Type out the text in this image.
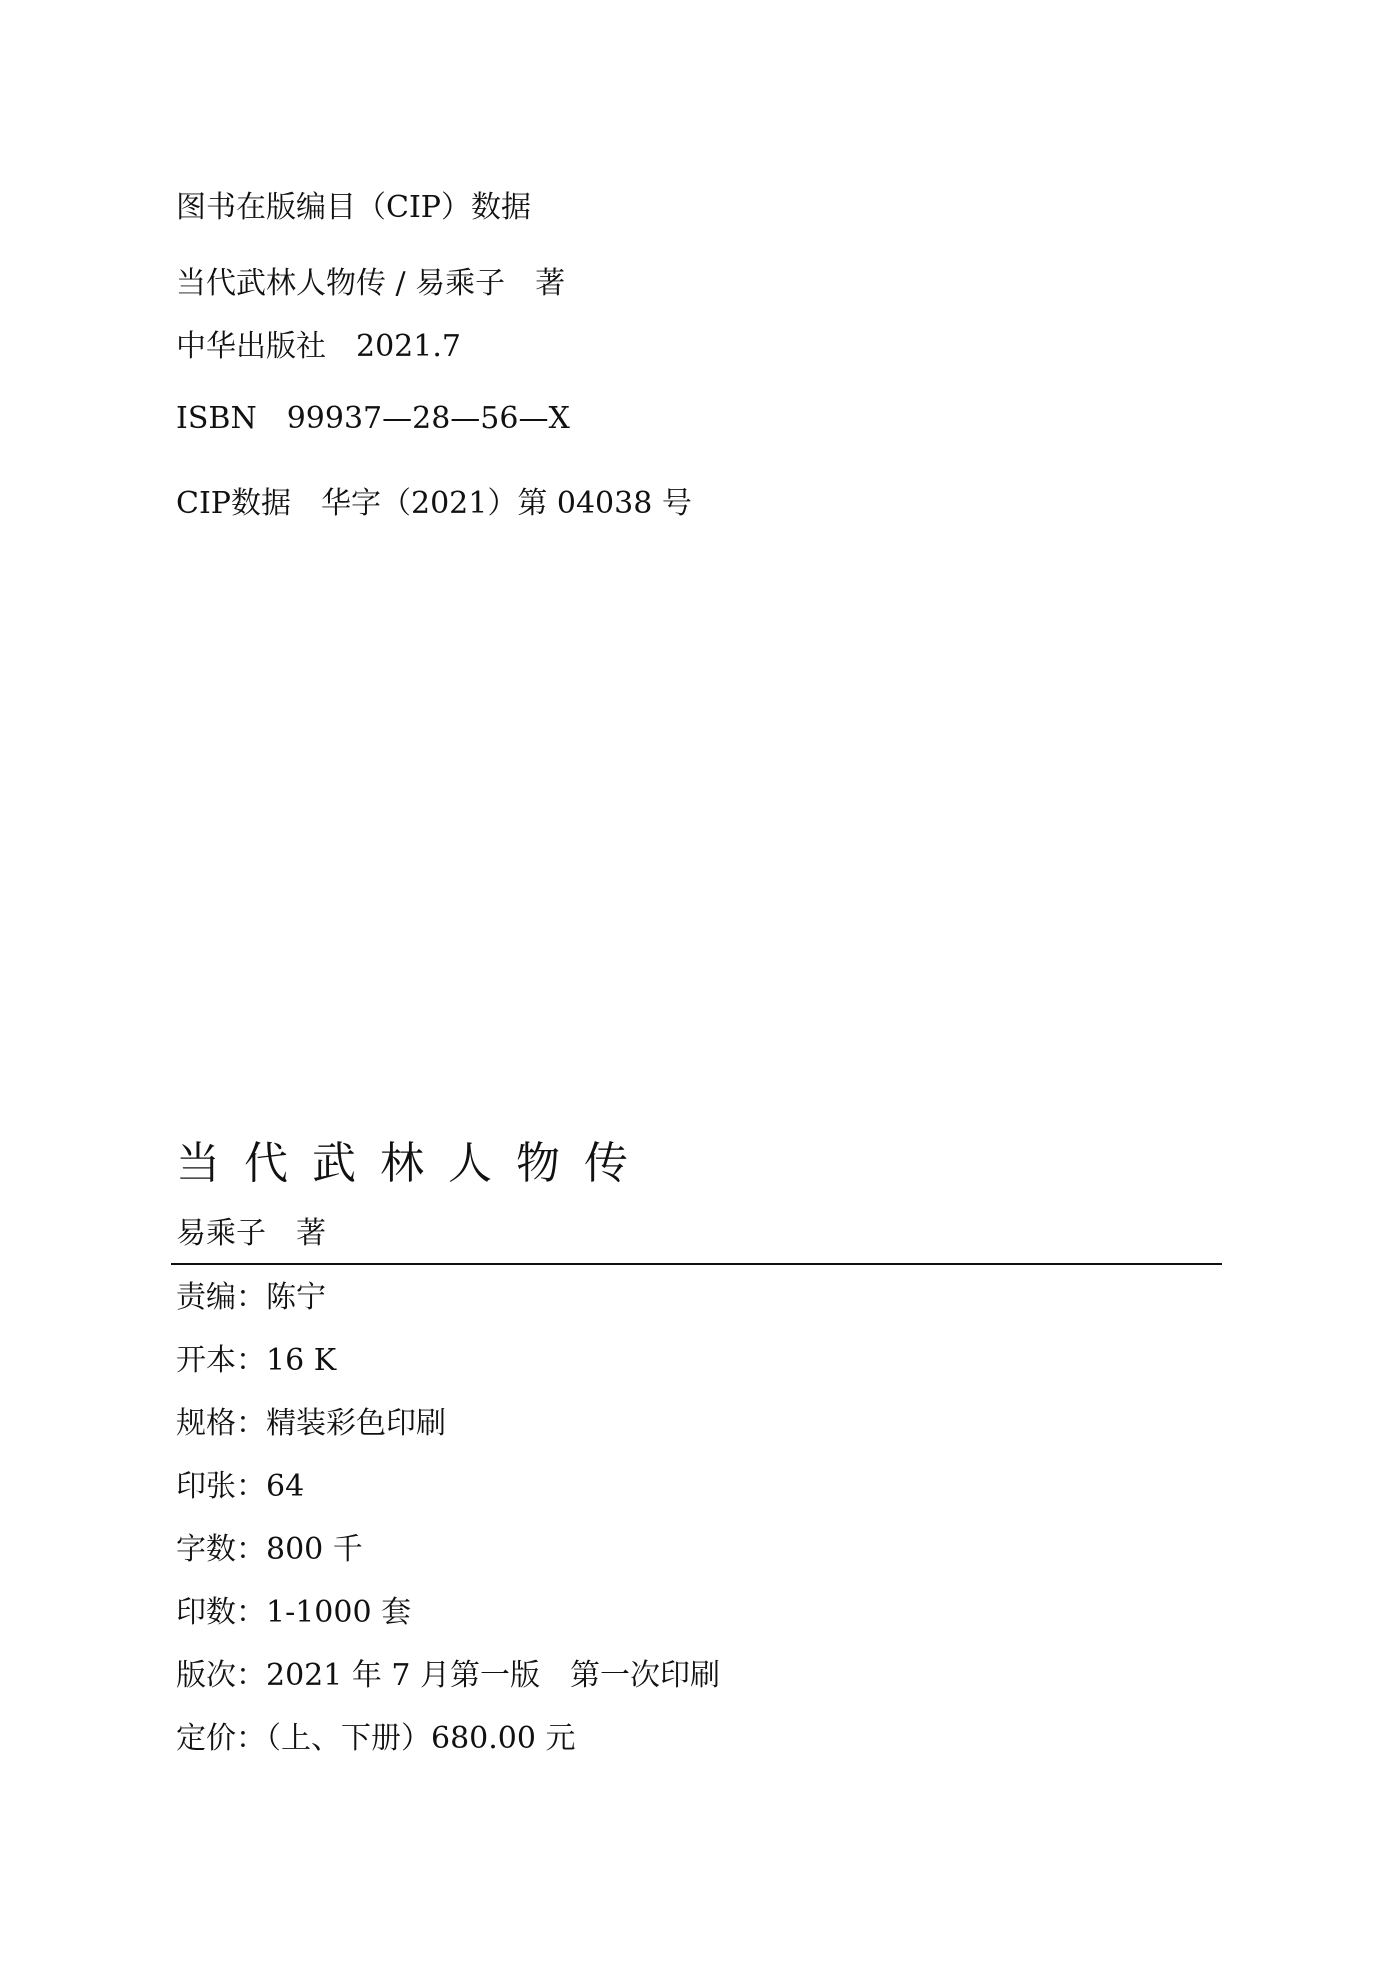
图书在版编目（CIP）数据
当代武林人物传 / 易乘子　著
中华出版社　2021.7
ISBN　99937—28—56—X
CIP数据　华字（2021）第 04038 号
当代武林人物传
易乘子　著
责编：陈宁
开本：16 K
规格：精装彩色印刷
印张：64
字数：800 千
印数：1-1000 套
版次：2021 年 7 月第一版　第一次印刷
定价：（上、下册）680.00 元
